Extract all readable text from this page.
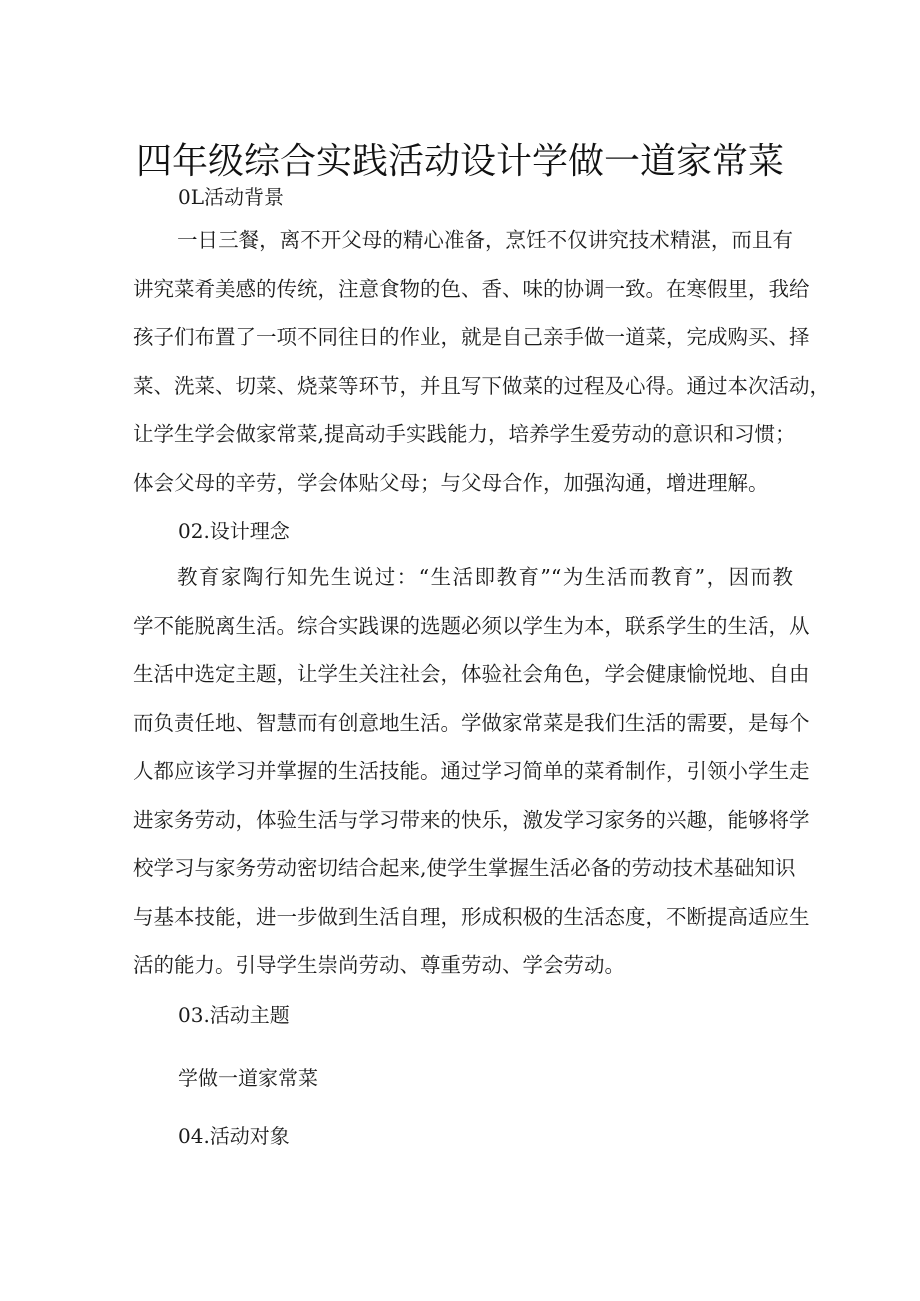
四年级综合实践活动设计学做一道家常菜
0L活动背景
一日三餐，离不开父母的精心准备，烹饪不仅讲究技术精湛，而且有
讲究菜肴美感的传统，注意食物的色、香、味的协调一致。在寒假里，我给
孩子们布置了一项不同往日的作业，就是自己亲手做一道菜，完成购买、择
菜、洗菜、切菜、烧菜等环节，并且写下做菜的过程及心得。通过本次活动，
让学生学会做家常菜,提高动手实践能力，培养学生爱劳动的意识和习惯；
体会父母的辛劳，学会体贴父母；与父母合作，加强沟通，增进理解。
02.设计理念
教育家陶行知先生说过：“生活即教育”“为生活而教育”，因而教
学不能脱离生活。综合实践课的选题必须以学生为本，联系学生的生活，从
生活中选定主题，让学生关注社会，体验社会角色，学会健康愉悦地、自由
而负责任地、智慧而有创意地生活。学做家常菜是我们生活的需要，是每个
人都应该学习并掌握的生活技能。通过学习简单的菜肴制作，引领小学生走
进家务劳动，体验生活与学习带来的快乐，激发学习家务的兴趣，能够将学
校学习与家务劳动密切结合起来,使学生掌握生活必备的劳动技术基础知识
与基本技能，进一步做到生活自理，形成积极的生活态度，不断提高适应生
活的能力。引导学生崇尚劳动、尊重劳动、学会劳动。
03.活动主题
学做一道家常菜
04.活动对象
